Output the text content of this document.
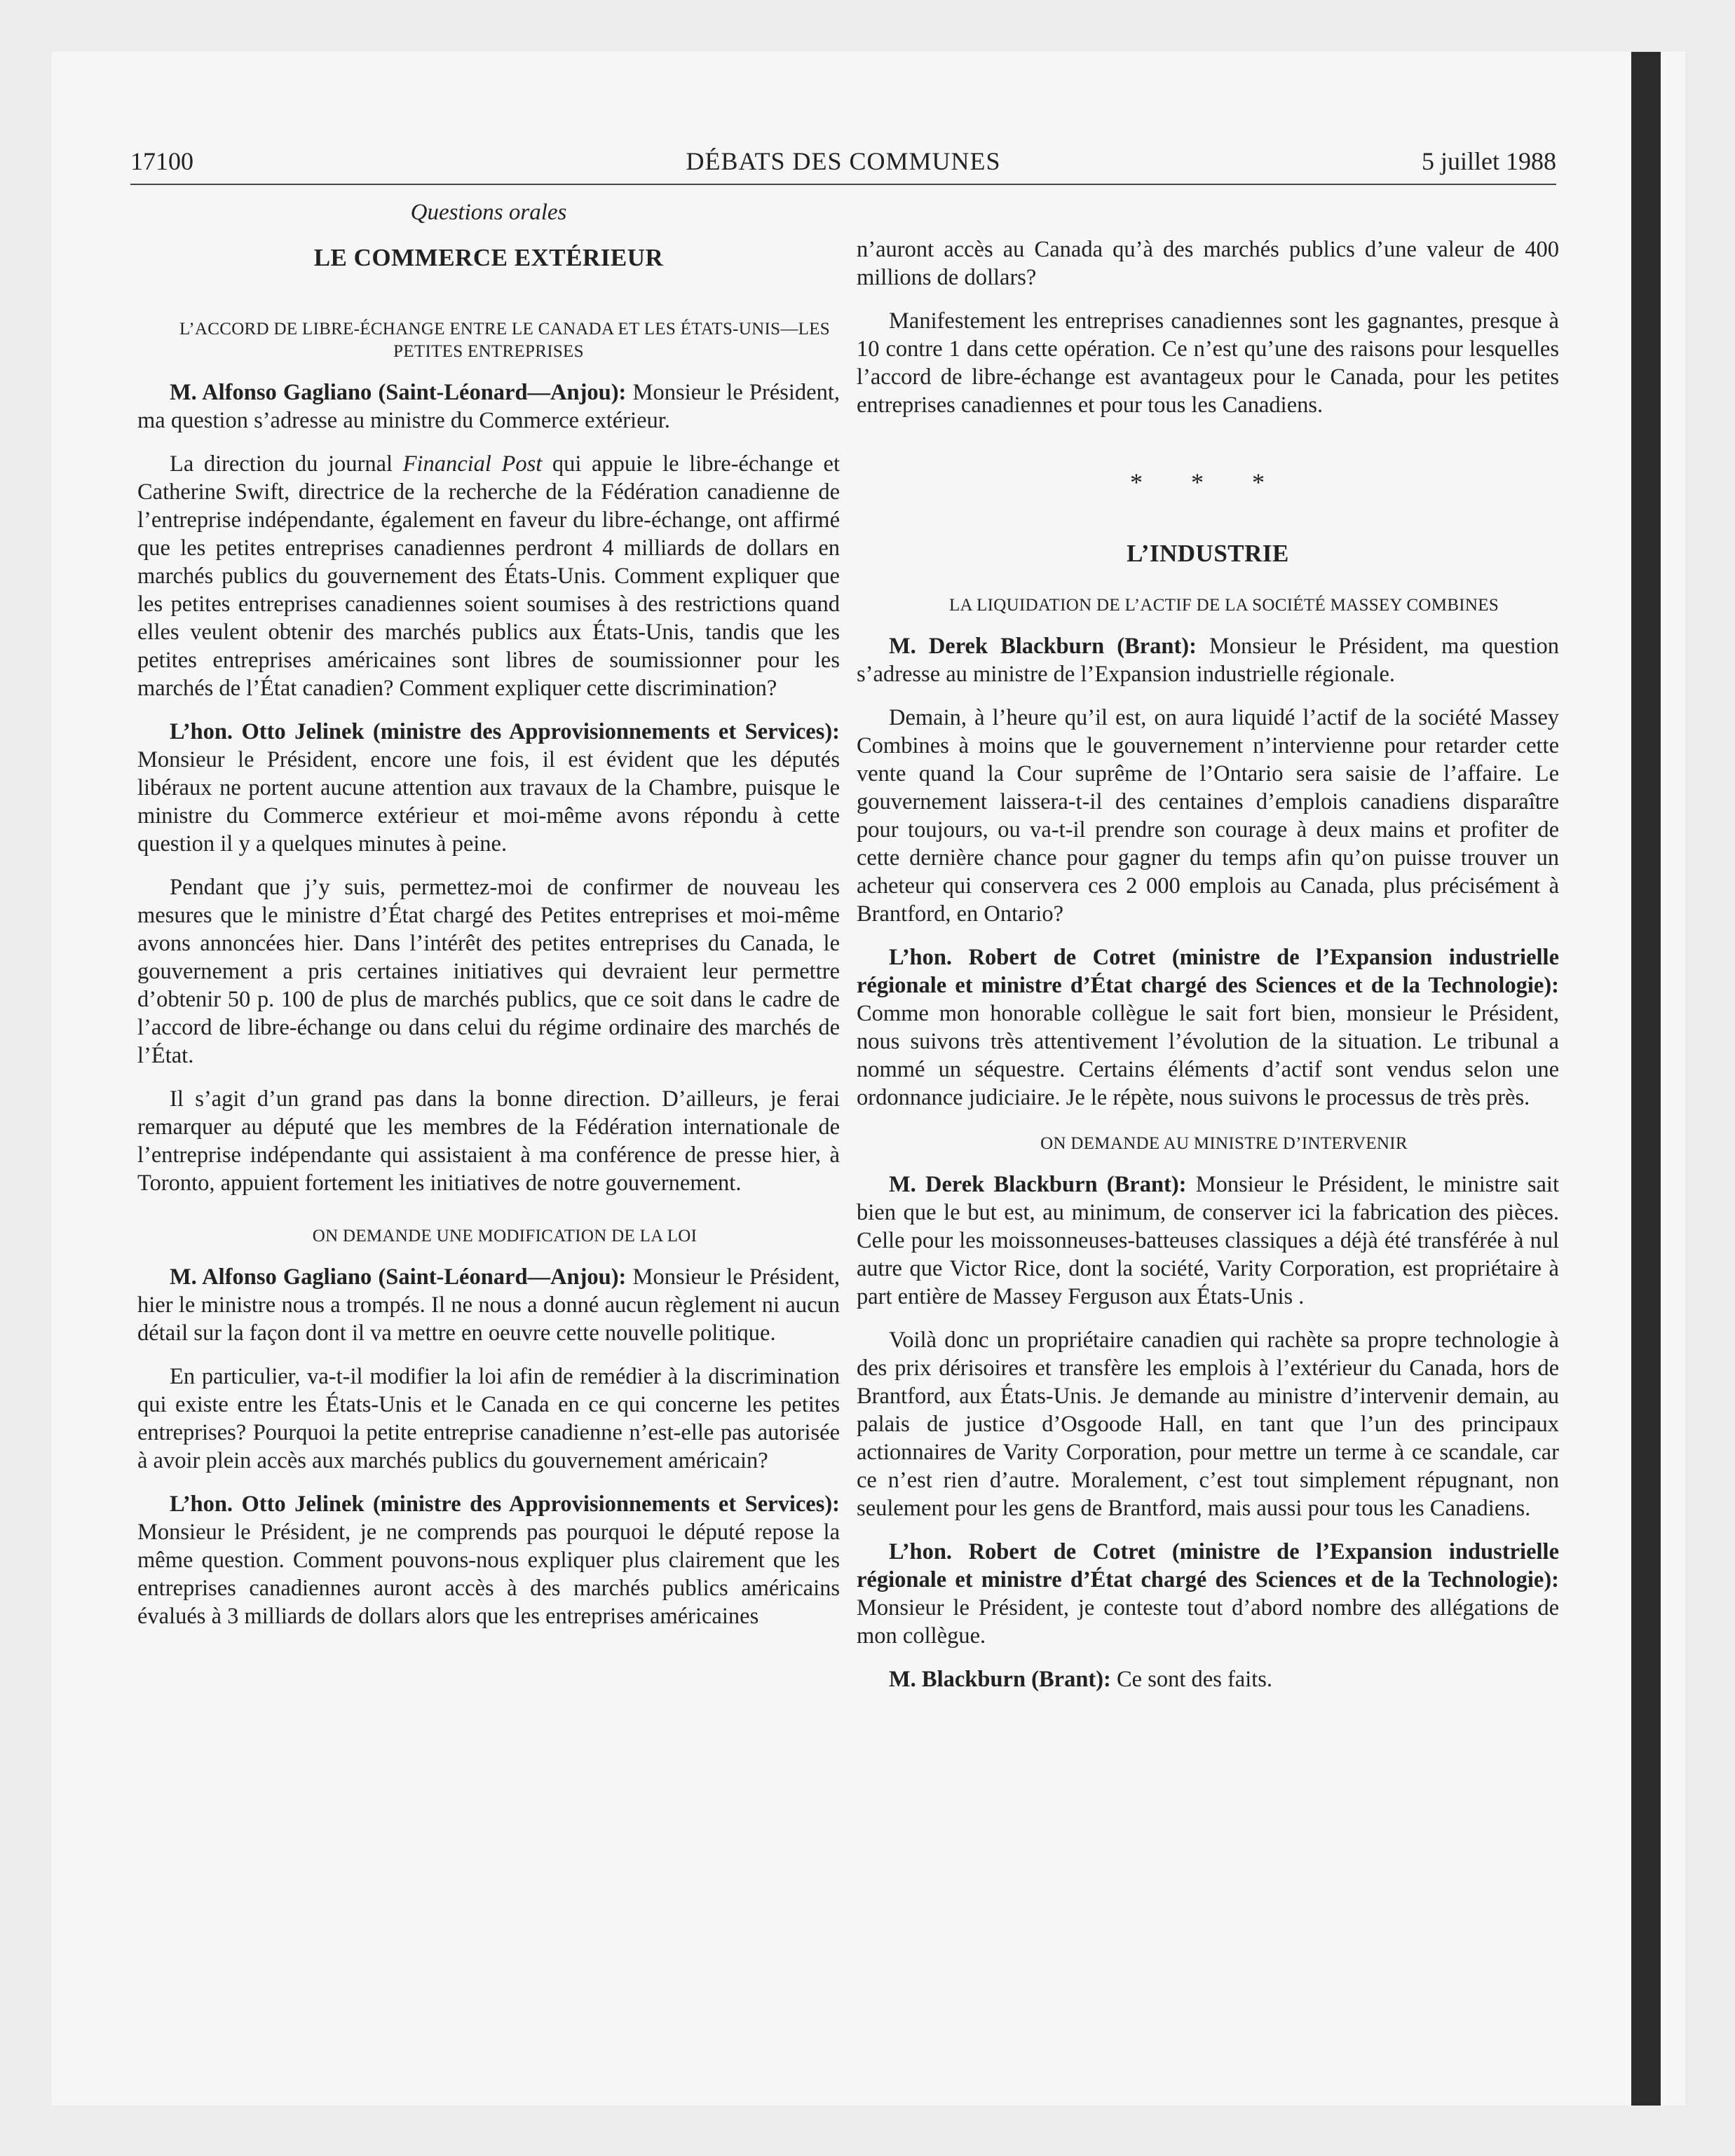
17100	DÉBATS DES COMMUNES	5 juillet 1988

Questions orales

LE COMMERCE EXTÉRIEUR

L’ACCORD DE LIBRE-ÉCHANGE ENTRE LE CANADA ET LES ÉTATS-UNIS—LES PETITES ENTREPRISES

M. Alfonso Gagliano (Saint-Léonard—Anjou): Monsieur le Président, ma question s’adresse au ministre du Commerce extérieur.

La direction du journal Financial Post qui appuie le libre-échange et Catherine Swift, directrice de la recherche de la Fédération canadienne de l’entreprise indépendante, également en faveur du libre-échange, ont affirmé que les petites entreprises canadiennes perdront 4 milliards de dollars en marchés publics du gouvernement des États-Unis. Comment expliquer que les petites entreprises canadiennes soient soumises à des restrictions quand elles veulent obtenir des marchés publics aux États-Unis, tandis que les petites entreprises américaines sont libres de soumissionner pour les marchés de l’État canadien? Comment expliquer cette discrimination?

L’hon. Otto Jelinek (ministre des Approvisionnements et Services): Monsieur le Président, encore une fois, il est évident que les députés libéraux ne portent aucune attention aux travaux de la Chambre, puisque le ministre du Commerce extérieur et moi-même avons répondu à cette question il y a quelques minutes à peine.

Pendant que j’y suis, permettez-moi de confirmer de nouveau les mesures que le ministre d’État chargé des Petites entreprises et moi-même avons annoncées hier. Dans l’intérêt des petites entreprises du Canada, le gouvernement a pris certaines initiatives qui devraient leur permettre d’obtenir 50 p. 100 de plus de marchés publics, que ce soit dans le cadre de l’accord de libre-échange ou dans celui du régime ordinaire des marchés de l’État.

Il s’agit d’un grand pas dans la bonne direction. D’ailleurs, je ferai remarquer au député que les membres de la Fédération internationale de l’entreprise indépendante qui assistaient à ma conférence de presse hier, à Toronto, appuient fortement les initiatives de notre gouvernement.

ON DEMANDE UNE MODIFICATION DE LA LOI

M. Alfonso Gagliano (Saint-Léonard—Anjou): Monsieur le Président, hier le ministre nous a trompés. Il ne nous a donné aucun règlement ni aucun détail sur la façon dont il va mettre en oeuvre cette nouvelle politique.

En particulier, va-t-il modifier la loi afin de remédier à la discrimination qui existe entre les États-Unis et le Canada en ce qui concerne les petites entreprises? Pourquoi la petite entreprise canadienne n’est-elle pas autorisée à avoir plein accès aux marchés publics du gouvernement américain?

L’hon. Otto Jelinek (ministre des Approvisionnements et Services): Monsieur le Président, je ne comprends pas pourquoi le député repose la même question. Comment pouvons-nous expliquer plus clairement que les entreprises canadiennes auront accès à des marchés publics américains évalués à 3 milliards de dollars alors que les entreprises américaines

n’auront accès au Canada qu’à des marchés publics d’une valeur de 400 millions de dollars?

Manifestement les entreprises canadiennes sont les gagnantes, presque à 10 contre 1 dans cette opération. Ce n’est qu’une des raisons pour lesquelles l’accord de libre-échange est avantageux pour le Canada, pour les petites entreprises canadiennes et pour tous les Canadiens.

* * *

L’INDUSTRIE

LA LIQUIDATION DE L’ACTIF DE LA SOCIÉTÉ MASSEY COMBINES

M. Derek Blackburn (Brant): Monsieur le Président, ma question s’adresse au ministre de l’Expansion industrielle régionale.

Demain, à l’heure qu’il est, on aura liquidé l’actif de la société Massey Combines à moins que le gouvernement n’intervienne pour retarder cette vente quand la Cour suprême de l’Ontario sera saisie de l’affaire. Le gouvernement laissera-t-il des centaines d’emplois canadiens disparaître pour toujours, ou va-t-il prendre son courage à deux mains et profiter de cette dernière chance pour gagner du temps afin qu’on puisse trouver un acheteur qui conservera ces 2 000 emplois au Canada, plus précisément à Brantford, en Ontario?

L’hon. Robert de Cotret (ministre de l’Expansion industrielle régionale et ministre d’État chargé des Sciences et de la Technologie): Comme mon honorable collègue le sait fort bien, monsieur le Président, nous suivons très attentivement l’évolution de la situation. Le tribunal a nommé un séquestre. Certains éléments d’actif sont vendus selon une ordonnance judiciaire. Je le répète, nous suivons le processus de très près.

ON DEMANDE AU MINISTRE D’INTERVENIR

M. Derek Blackburn (Brant): Monsieur le Président, le ministre sait bien que le but est, au minimum, de conserver ici la fabrication des pièces. Celle pour les moissonneuses-batteuses classiques a déjà été transférée à nul autre que Victor Rice, dont la société, Varity Corporation, est propriétaire à part entière de Massey Ferguson aux États-Unis .

Voilà donc un propriétaire canadien qui rachète sa propre technologie à des prix dérisoires et transfère les emplois à l’extérieur du Canada, hors de Brantford, aux États-Unis. Je demande au ministre d’intervenir demain, au palais de justice d’Osgoode Hall, en tant que l’un des principaux actionnaires de Varity Corporation, pour mettre un terme à ce scandale, car ce n’est rien d’autre. Moralement, c’est tout simplement répugnant, non seulement pour les gens de Brantford, mais aussi pour tous les Canadiens.

L’hon. Robert de Cotret (ministre de l’Expansion industrielle régionale et ministre d’État chargé des Sciences et de la Technologie): Monsieur le Président, je conteste tout d’abord nombre des allégations de mon collègue.

M. Blackburn (Brant): Ce sont des faits.
